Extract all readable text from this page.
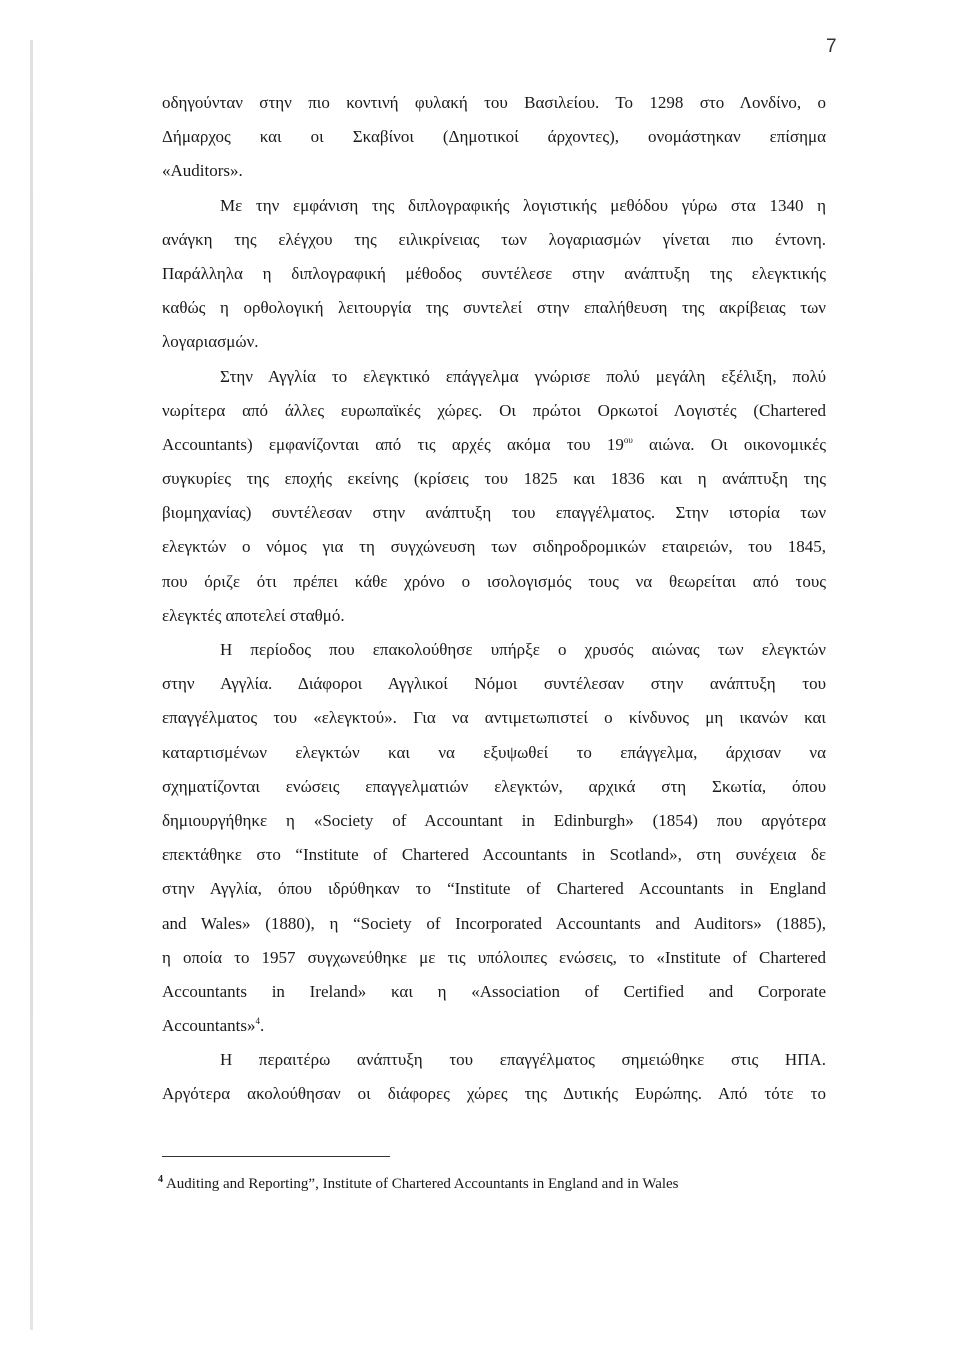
7
οδηγούνταν στην πιο κοντινή φυλακή του Βασιλείου. Το 1298 στο Λονδίνο, ο
Δήμαρχος και οι Σκαβίνοι (Δημοτικοί άρχοντες), ονομάστηκαν επίσημα
«Auditors».
Με την εμφάνιση της διπλογραφικής λογιστικής μεθόδου γύρω στα 1340 η
ανάγκη της ελέγχου της ειλικρίνειας των λογαριασμών γίνεται πιο έντονη.
Παράλληλα η διπλογραφική μέθοδος συντέλεσε στην ανάπτυξη της ελεγκτικής
καθώς η ορθολογική λειτουργία της συντελεί στην επαλήθευση της ακρίβειας των
λογαριασμών.
Στην Αγγλία το ελεγκτικό επάγγελμα γνώρισε πολύ μεγάλη εξέλιξη, πολύ
νωρίτερα από άλλες ευρωπαϊκές χώρες. Οι πρώτοι Ορκωτοί Λογιστές (Chartered
Accountants) εμφανίζονται από τις αρχές ακόμα του $19^{o\upsilon}$ αιώνα. Οι οικονομικές
συγκυρίες της εποχής εκείνης (κρίσεις του 1825 και 1836 και η ανάπτυξη της
βιομηχανίας) συντέλεσαν στην ανάπτυξη του επαγγέλματος. Στην ιστορία των
ελεγκτών ο νόμος για τη συγχώνευση των σιδηροδρομικών εταιρειών, του 1845,
που όριζε ότι πρέπει κάθε χρόνο ο ισολογισμός τους να θεωρείται από τους
ελεγκτές αποτελεί σταθμό.
Η περίοδος που επακολούθησε υπήρξε ο χρυσός αιώνας των ελεγκτών
στην Αγγλία. Διάφοροι Αγγλικοί Νόμοι συντέλεσαν στην ανάπτυξη του
επαγγέλματος του «ελεγκτού». Για να αντιμετωπιστεί ο κίνδυνος μη ικανών και
καταρτισμένων ελεγκτών και να εξυψωθεί το επάγγελμα, άρχισαν να
σχηματίζονται ενώσεις επαγγελματιών ελεγκτών, αρχικά στη Σκωτία, όπου
δημιουργήθηκε η «Society of Accountant in Edinburgh» (1854) που αργότερα
επεκτάθηκε στο “Institute of Chartered Accountants in Scotland», στη συνέχεια δε
στην Αγγλία, όπου ιδρύθηκαν το “Institute of Chartered Accountants in England
and Wales» (1880), η “Society of Incorporated Accountants and Auditors» (1885),
η οποία το 1957 συγχωνεύθηκε με τις υπόλοιπες ενώσεις, το «Institute of Chartered
Accountants in Ireland» και η «Association of Certified and Corporate
Accountants»$^4$.
Η περαιτέρω ανάπτυξη του επαγγέλματος σημειώθηκε στις ΗΠΑ.
Αργότερα ακολούθησαν οι διάφορες χώρες της Δυτικής Ευρώπης. Από τότε το
$^4$ Auditing and Reporting”, Institute of Chartered Accountants in England and in Wales
